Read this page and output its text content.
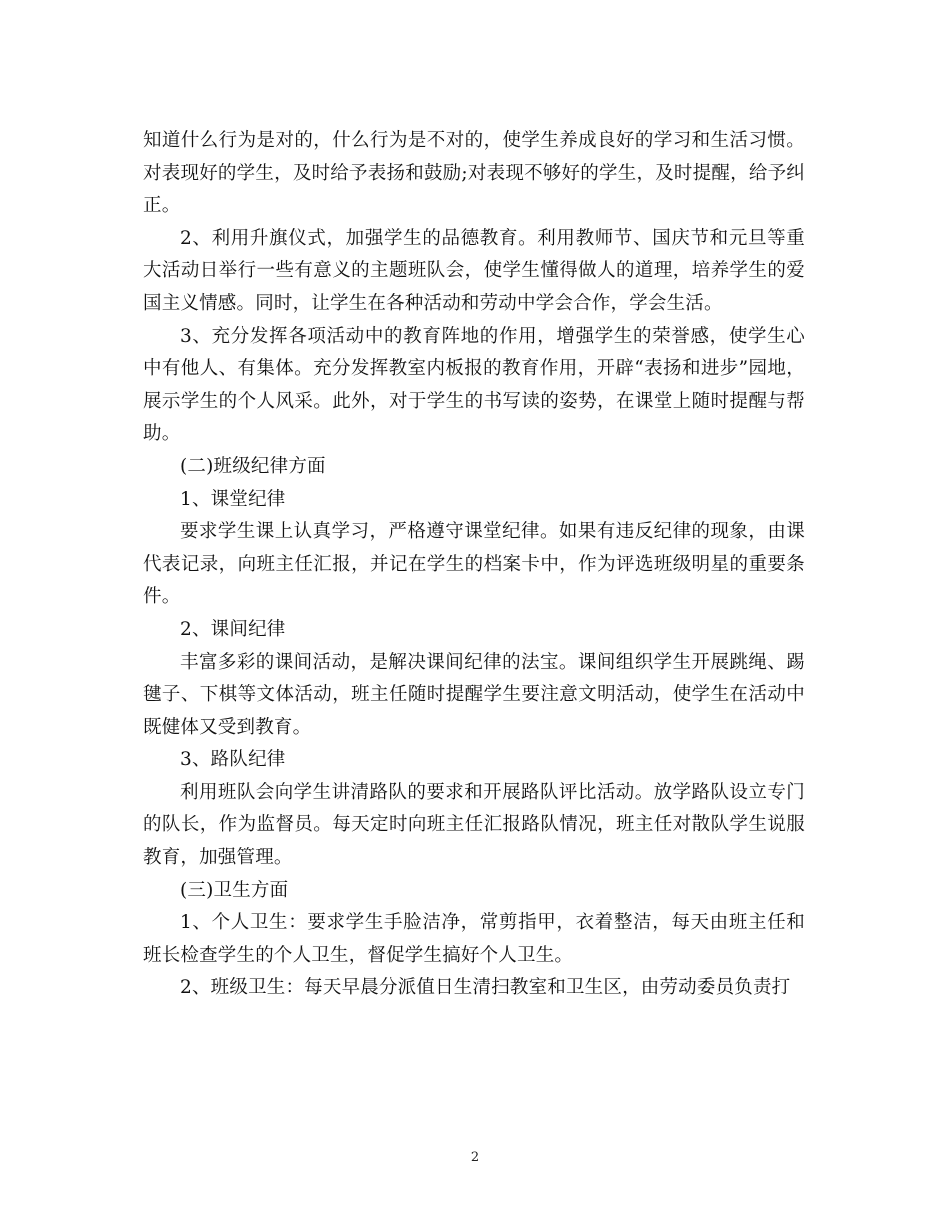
知道什么行为是对的，什么行为是不对的，使学生养成良好的学习和生活习惯。对表现好的学生，及时给予表扬和鼓励;对表现不够好的学生，及时提醒，给予纠正。

2、利用升旗仪式，加强学生的品德教育。利用教师节、国庆节和元旦等重大活动日举行一些有意义的主题班队会，使学生懂得做人的道理，培养学生的爱国主义情感。同时，让学生在各种活动和劳动中学会合作，学会生活。

3、充分发挥各项活动中的教育阵地的作用，增强学生的荣誉感，使学生心中有他人、有集体。充分发挥教室内板报的教育作用，开辟“表扬和进步”园地，展示学生的个人风采。此外，对于学生的书写读的姿势，在课堂上随时提醒与帮助。

(二)班级纪律方面

1、课堂纪律

要求学生课上认真学习，严格遵守课堂纪律。如果有违反纪律的现象，由课代表记录，向班主任汇报，并记在学生的档案卡中，作为评选班级明星的重要条件。

2、课间纪律

丰富多彩的课间活动，是解决课间纪律的法宝。课间组织学生开展跳绳、踢毽子、下棋等文体活动，班主任随时提醒学生要注意文明活动，使学生在活动中既健体又受到教育。

3、路队纪律

利用班队会向学生讲清路队的要求和开展路队评比活动。放学路队设立专门的队长，作为监督员。每天定时向班主任汇报路队情况，班主任对散队学生说服教育，加强管理。

(三)卫生方面

1、个人卫生：要求学生手脸洁净，常剪指甲，衣着整洁，每天由班主任和班长检查学生的个人卫生，督促学生搞好个人卫生。

2、班级卫生：每天早晨分派值日生清扫教室和卫生区，由劳动委员负责打

2
